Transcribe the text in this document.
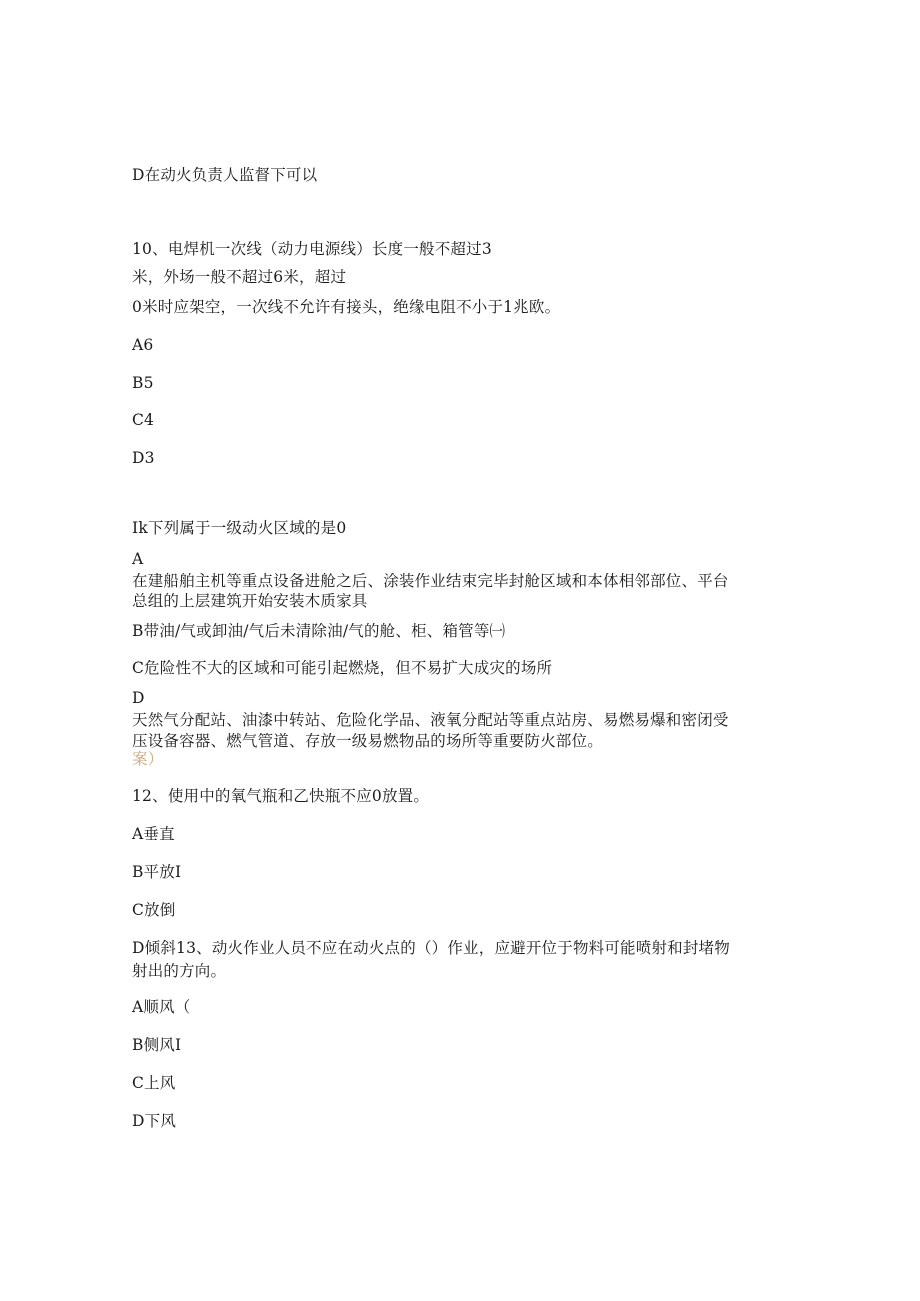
D在动火负责人监督下可以
10、电焊机一次线（动力电源线）长度一般不超过3
米，外场一般不超过6米，超过
0米时应架空，一次线不允许有接头，绝缘电阻不小于1兆欧。
A6
B5
C4
D3
Ik下列属于一级动火区域的是0
A
在建船舶主机等重点设备进舱之后、涂装作业结束完毕封舱区域和本体相邻部位、平台
总组的上层建筑开始安装木质家具
B带油/气或卸油/气后未清除油/气的舱、柜、箱管等㈠
C危险性不大的区域和可能引起燃烧，但不易扩大成灾的场所
D
天然气分配站、油漆中转站、危险化学品、液氧分配站等重点站房、易燃易爆和密闭受
压设备容器、燃气管道、存放一级易燃物品的场所等重要防火部位。
案）
12、使用中的氧气瓶和乙快瓶不应0放置。
A垂直
B平放I
C放倒
D倾斜13、动火作业人员不应在动火点的（）作业，应避开位于物料可能喷射和封堵物
射出的方向。
A顺风（
B侧风I
C上风
D下风
